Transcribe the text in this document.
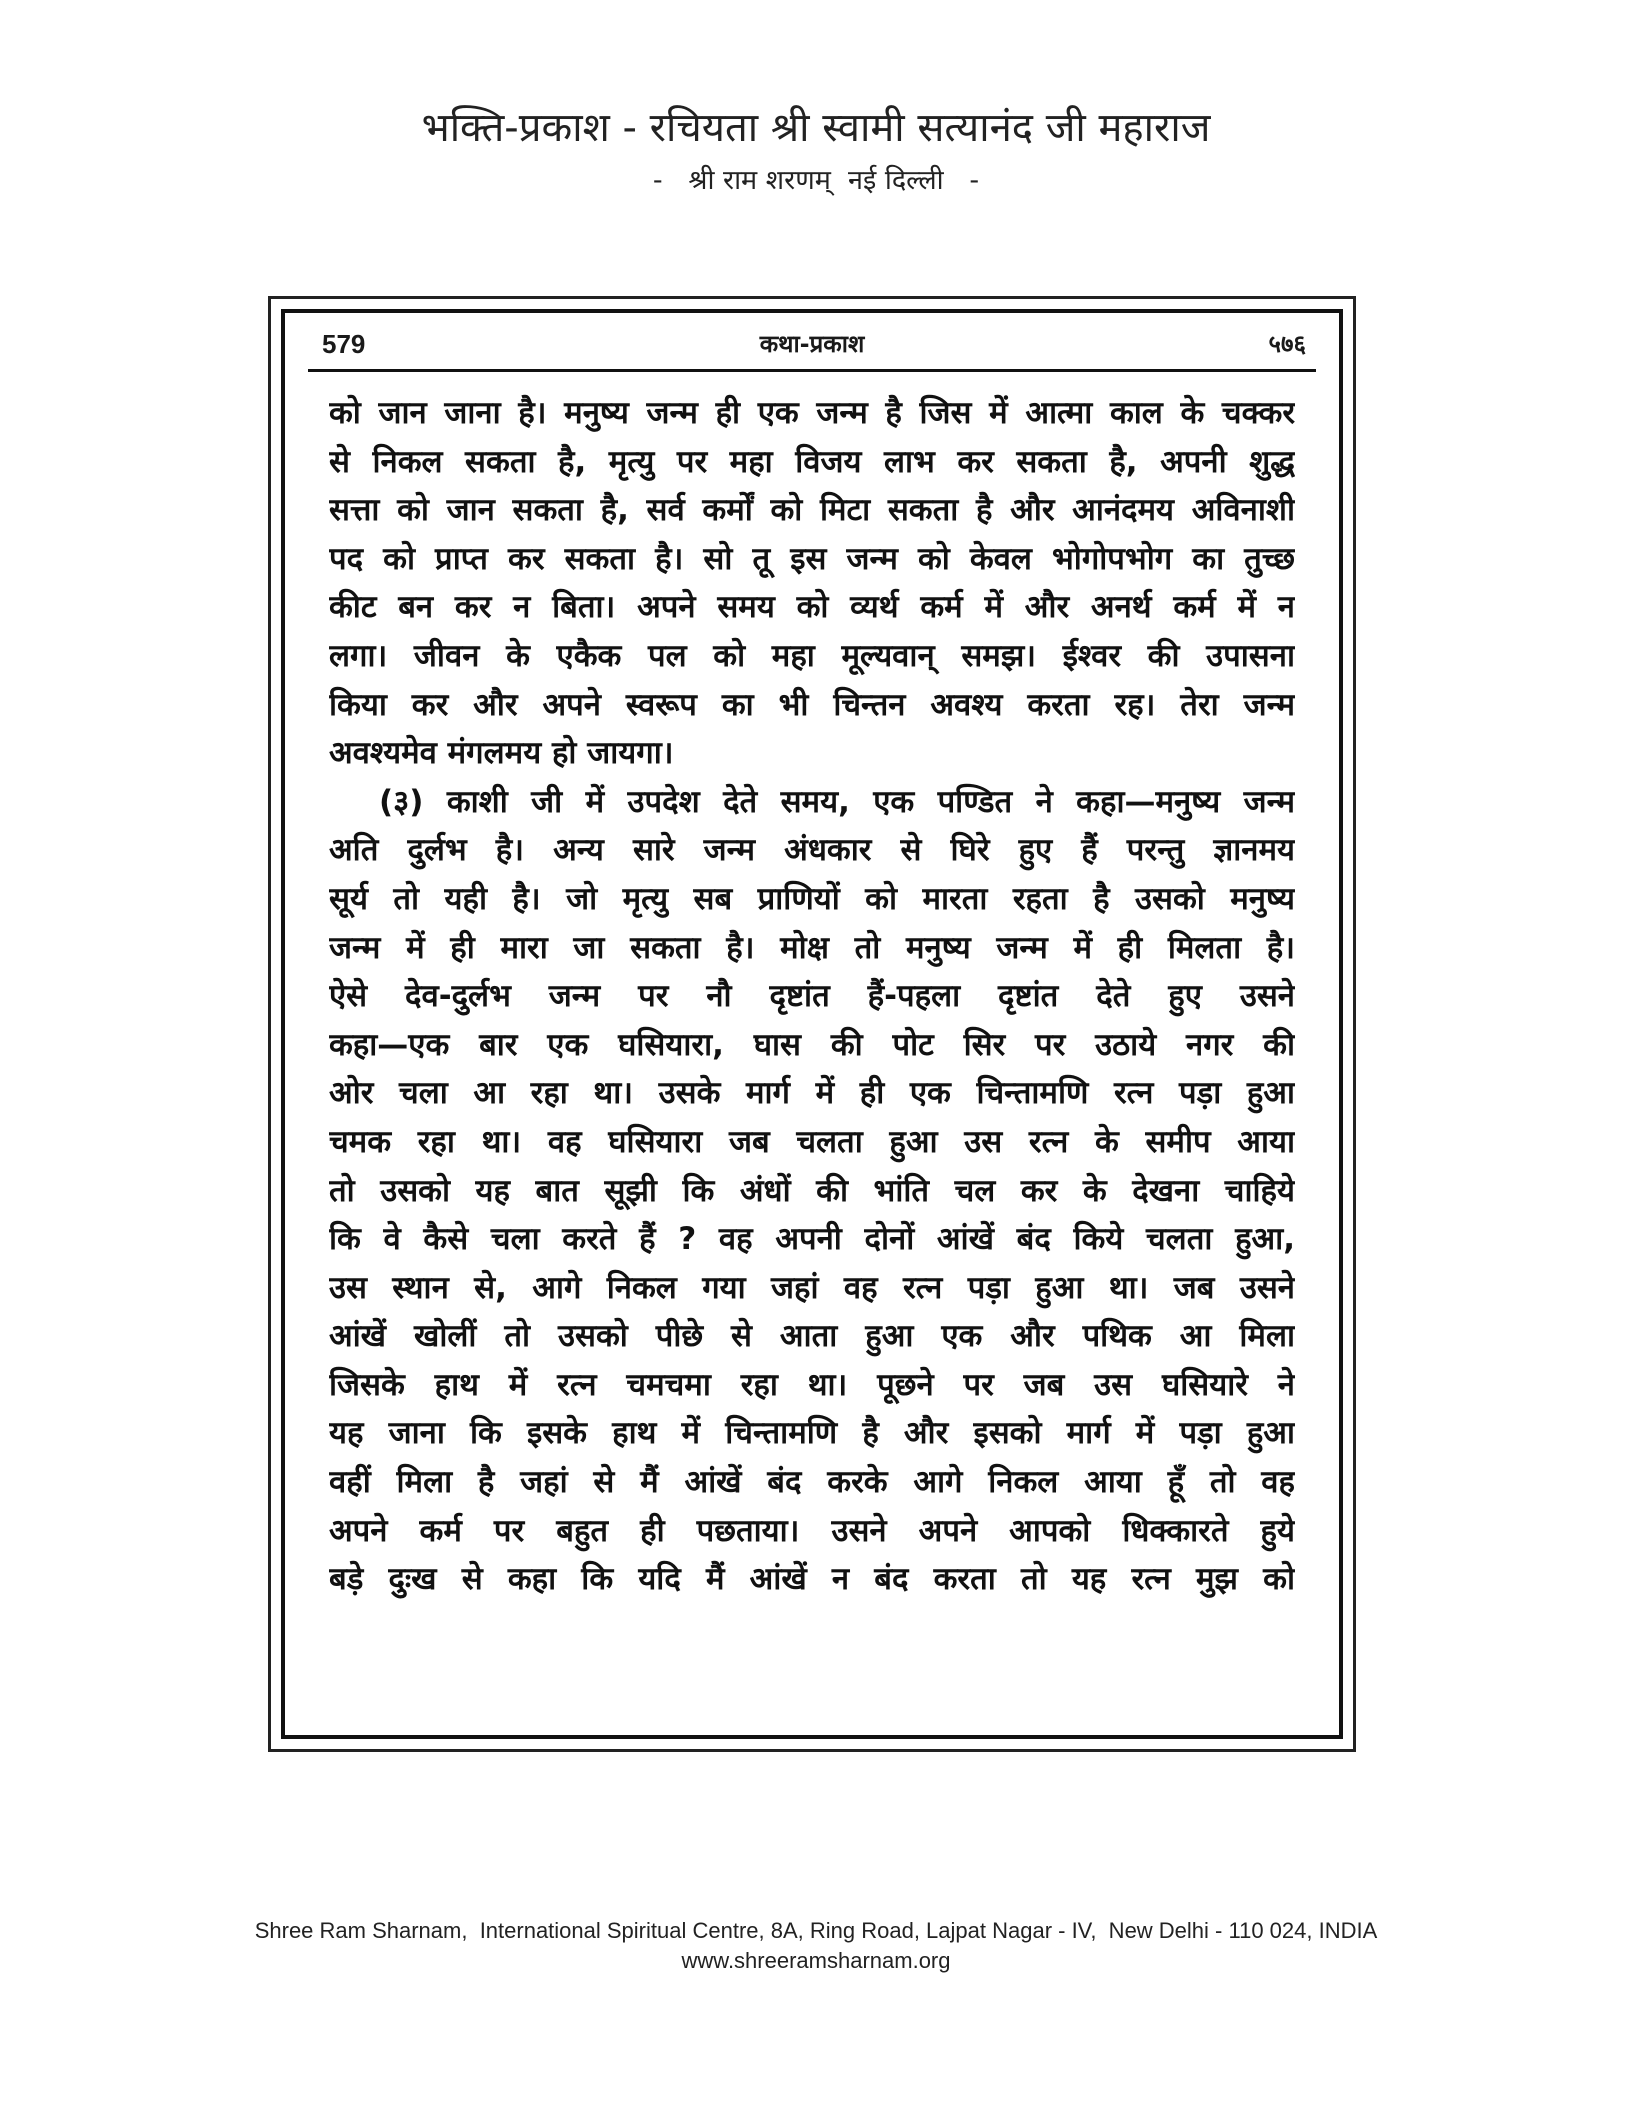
भक्ति-प्रकाश - रचियता श्री स्वामी सत्यानंद जी महाराज
-   श्री राम शरणम्  नई दिल्ली   -
579	कथा-प्रकाश	५७६
को जान जाना है। मनुष्य जन्म ही एक जन्म है जिस में आत्मा काल के चक्कर
से निकल सकता है, मृत्यु पर महा विजय लाभ कर सकता है, अपनी शुद्ध
सत्ता को जान सकता है, सर्व कर्मों को मिटा सकता है और आनंदमय अविनाशी
पद को प्राप्त कर सकता है। सो तू इस जन्म को केवल भोगोपभोग का तुच्छ
कीट बन कर न बिता। अपने समय को व्यर्थ कर्म में और अनर्थ कर्म में न
लगा। जीवन के एकैक पल को महा मूल्यवान् समझ। ईश्वर की उपासना
किया कर और अपने स्वरूप का भी चिन्तन अवश्य करता रह। तेरा जन्म
अवश्यमेव मंगलमय हो जायगा।
(३) काशी जी में उपदेश देते समय, एक पण्डित ने कहा—मनुष्य जन्म
अति दुर्लभ है। अन्य सारे जन्म अंधकार से घिरे हुए हैं परन्तु ज्ञानमय
सूर्य तो यही है। जो मृत्यु सब प्राणियों को मारता रहता है उसको मनुष्य
जन्म में ही मारा जा सकता है। मोक्ष तो मनुष्य जन्म में ही मिलता है।
ऐसे देव-दुर्लभ जन्म पर नौ दृष्टांत हैं-पहला दृष्टांत देते हुए उसने
कहा—एक बार एक घसियारा, घास की पोट सिर पर उठाये नगर की
ओर चला आ रहा था। उसके मार्ग में ही एक चिन्तामणि रत्न पड़ा हुआ
चमक रहा था। वह घसियारा जब चलता हुआ उस रत्न के समीप आया
तो उसको यह बात सूझी कि अंधों की भांति चल कर के देखना चाहिये
कि वे कैसे चला करते हैं ? वह अपनी दोनों आंखें बंद किये चलता हुआ,
उस स्थान से, आगे निकल गया जहां वह रत्न पड़ा हुआ था। जब उसने
आंखें खोलीं तो उसको पीछे से आता हुआ एक और पथिक आ मिला
जिसके हाथ में रत्न चमचमा रहा था। पूछने पर जब उस घसियारे ने
यह जाना कि इसके हाथ में चिन्तामणि है और इसको मार्ग में पड़ा हुआ
वहीं मिला है जहां से मैं आंखें बंद करके आगे निकल आया हूँ तो वह
अपने कर्म पर बहुत ही पछताया। उसने अपने आपको धिक्कारते हुये
बड़े दुःख से कहा कि यदि मैं आंखें न बंद करता तो यह रत्न मुझ को
Shree Ram Sharnam,  International Spiritual Centre, 8A, Ring Road, Lajpat Nagar - IV,  New Delhi - 110 024, INDIA
www.shreeramsharnam.org
